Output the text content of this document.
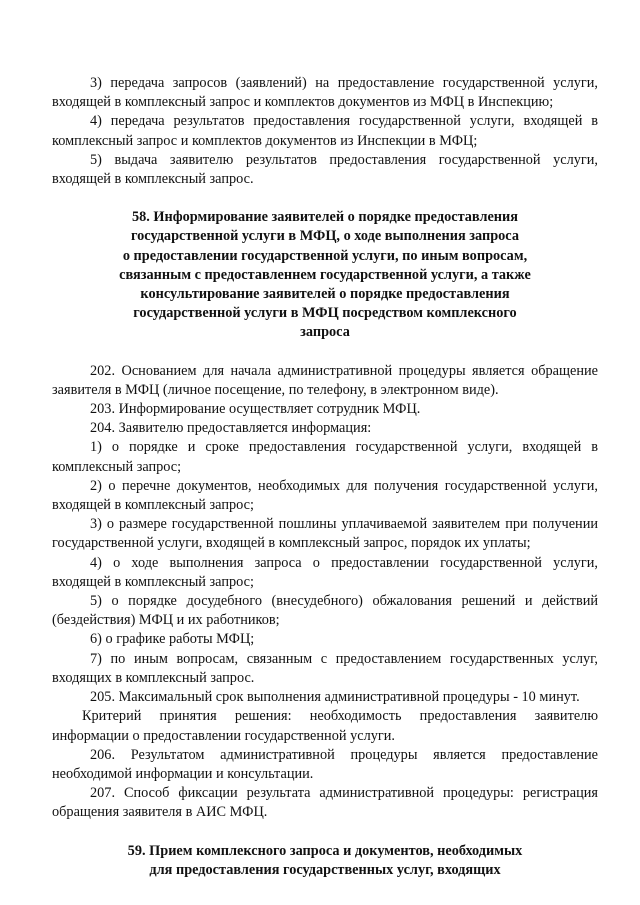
3) передача запросов (заявлений) на предоставление государственной услуги, входящей в комплексный запрос и комплектов документов из МФЦ в Инспекцию;

4) передача результатов предоставления государственной услуги, входящей в комплексный запрос и комплектов документов из Инспекции в МФЦ;

5) выдача заявителю результатов предоставления государственной услуги, входящей в комплексный запрос.

58. Информирование заявителей о порядке предоставления
государственной услуги в МФЦ, о ходе выполнения запроса
о предоставлении государственной услуги, по иным вопросам,
связанным с предоставленнем государственной услуги, а также
консультирование заявителей о порядке предоставления
государственной услуги в МФЦ посредством комплексного
запроса

202. Основанием для начала административной процедуры является обращение заявителя в МФЦ (личное посещение, по телефону, в электронном виде).

203. Информирование осуществляет сотрудник МФЦ.

204. Заявителю предоставляется информация:

1) о порядке и сроке предоставления государственной услуги, входящей в комплексный запрос;

2) о перечне документов, необходимых для получения государственной услуги, входящей в комплексный запрос;

3) о размере государственной пошлины уплачиваемой заявителем при получении государственной услуги, входящей в комплексный запрос, порядок их уплаты;

4) о ходе выполнения запроса о предоставлении государственной услуги, входящей в комплексный запрос;

5) о порядке досудебного (внесудебного) обжалования решений и действий (бездействия) МФЦ и их работников;

6) о графике работы МФЦ;

7) по иным вопросам, связанным с предоставлением государственных услуг, входящих в комплексный запрос.

205. Максимальный срок выполнения административной процедуры - 10 минут.

Критерий принятия решения: необходимость предоставления заявителю информации о предоставлении государственной услуги.

206. Результатом административной процедуры является предоставление необходимой информации и консультации.

207. Способ фиксации результата административной процедуры: регистрация обращения заявителя в АИС МФЦ.

59. Прием комплексного запроса и документов, необходимых
для предоставления государственных услуг, входящих
